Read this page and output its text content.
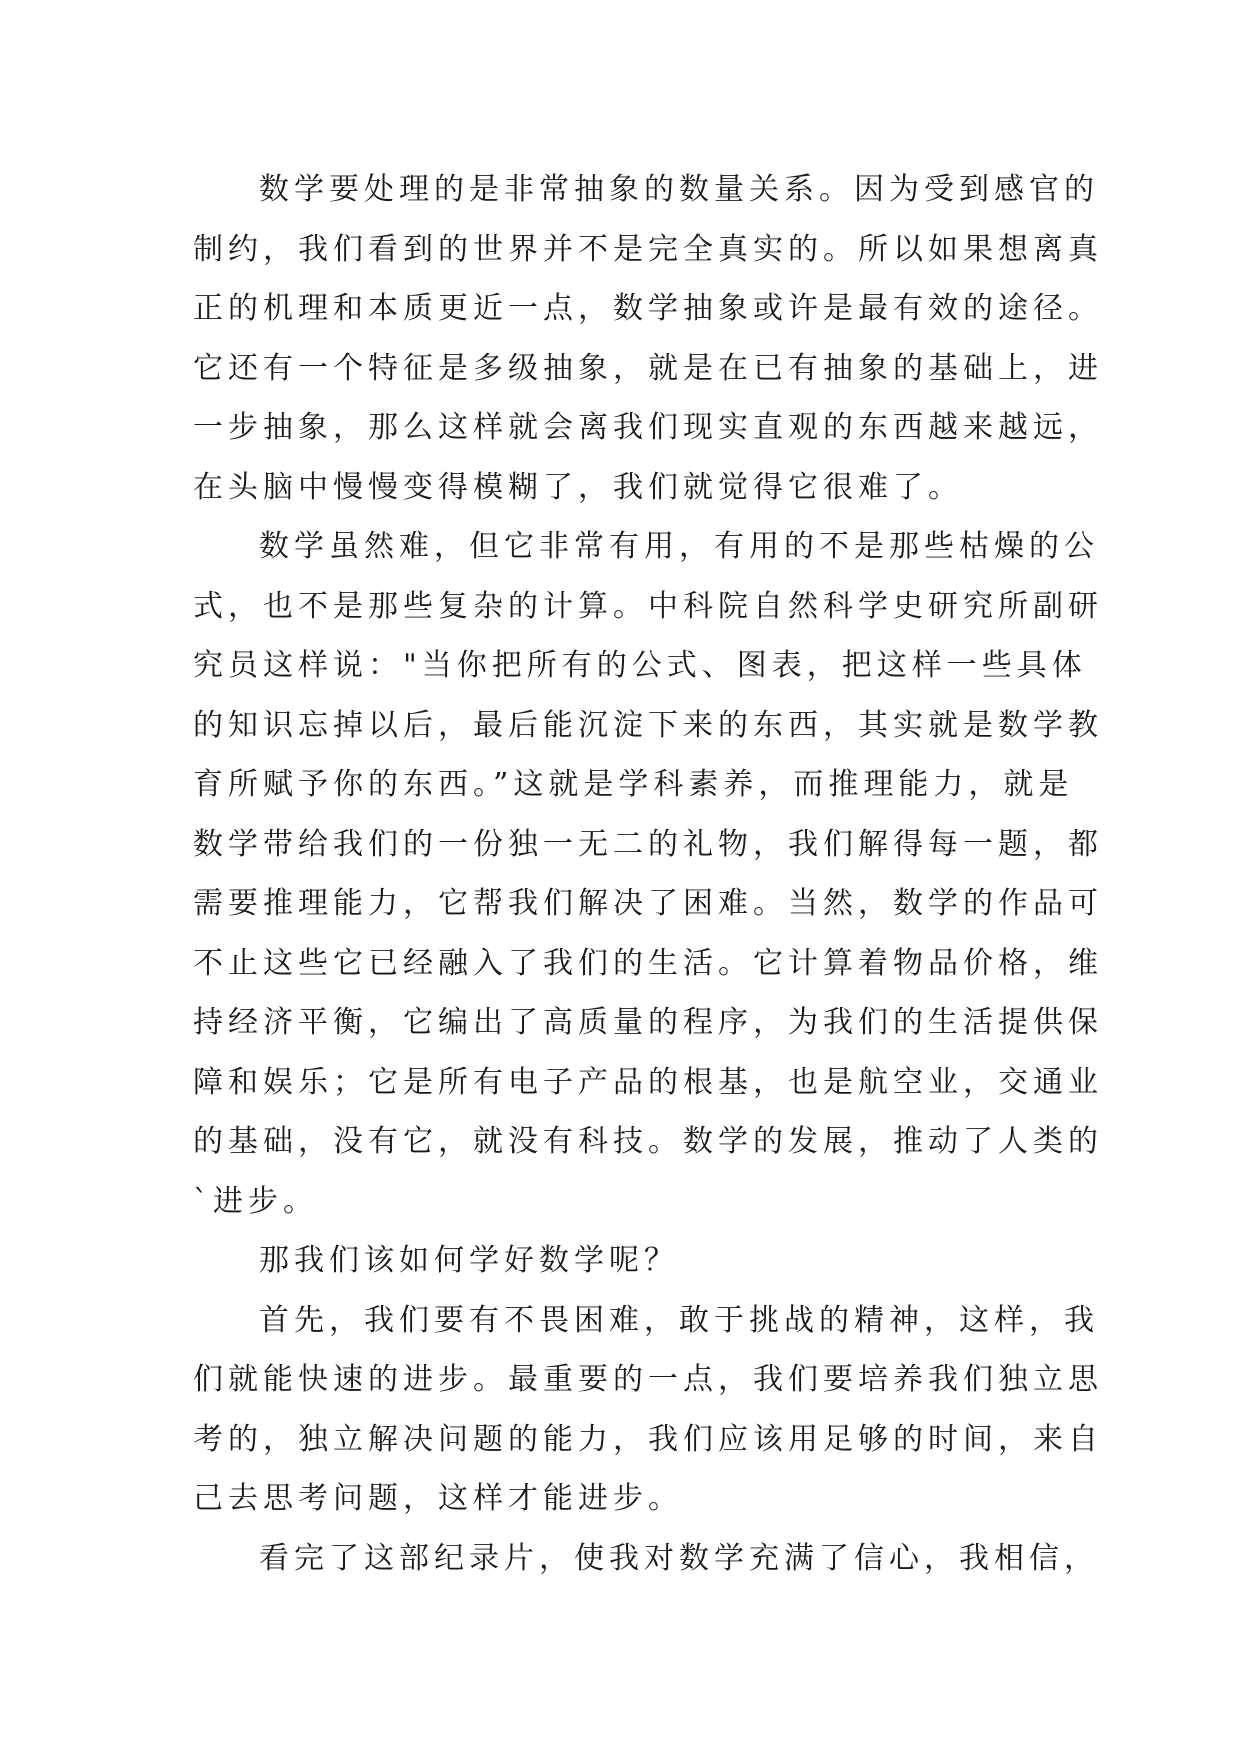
数学要处理的是非常抽象的数量关系。因为受到感官的
制约，我们看到的世界并不是完全真实的。所以如果想离真
正的机理和本质更近一点，数学抽象或许是最有效的途径。
它还有一个特征是多级抽象，就是在已有抽象的基础上，进
一步抽象，那么这样就会离我们现实直观的东西越来越远，
在头脑中慢慢变得模糊了，我们就觉得它很难了。
数学虽然难，但它非常有用，有用的不是那些枯燥的公
式，也不是那些复杂的计算。中科院自然科学史研究所副研
究员这样说："当你把所有的公式、图表，把这样一些具体
的知识忘掉以后，最后能沉淀下来的东西，其实就是数学教
育所赋予你的东西。”这就是学科素养，而推理能力，就是
数学带给我们的一份独一无二的礼物，我们解得每一题，都
需要推理能力，它帮我们解决了困难。当然，数学的作品可
不止这些它已经融入了我们的生活。它计算着物品价格，维
持经济平衡，它编出了高质量的程序，为我们的生活提供保
障和娱乐；它是所有电子产品的根基，也是航空业，交通业
的基础，没有它，就没有科技。数学的发展，推动了人类的
`进步。
那我们该如何学好数学呢？
首先，我们要有不畏困难，敢于挑战的精神，这样，我
们就能快速的进步。最重要的一点，我们要培养我们独立思
考的，独立解决问题的能力，我们应该用足够的时间，来自
己去思考问题，这样才能进步。
看完了这部纪录片，使我对数学充满了信心，我相信，
